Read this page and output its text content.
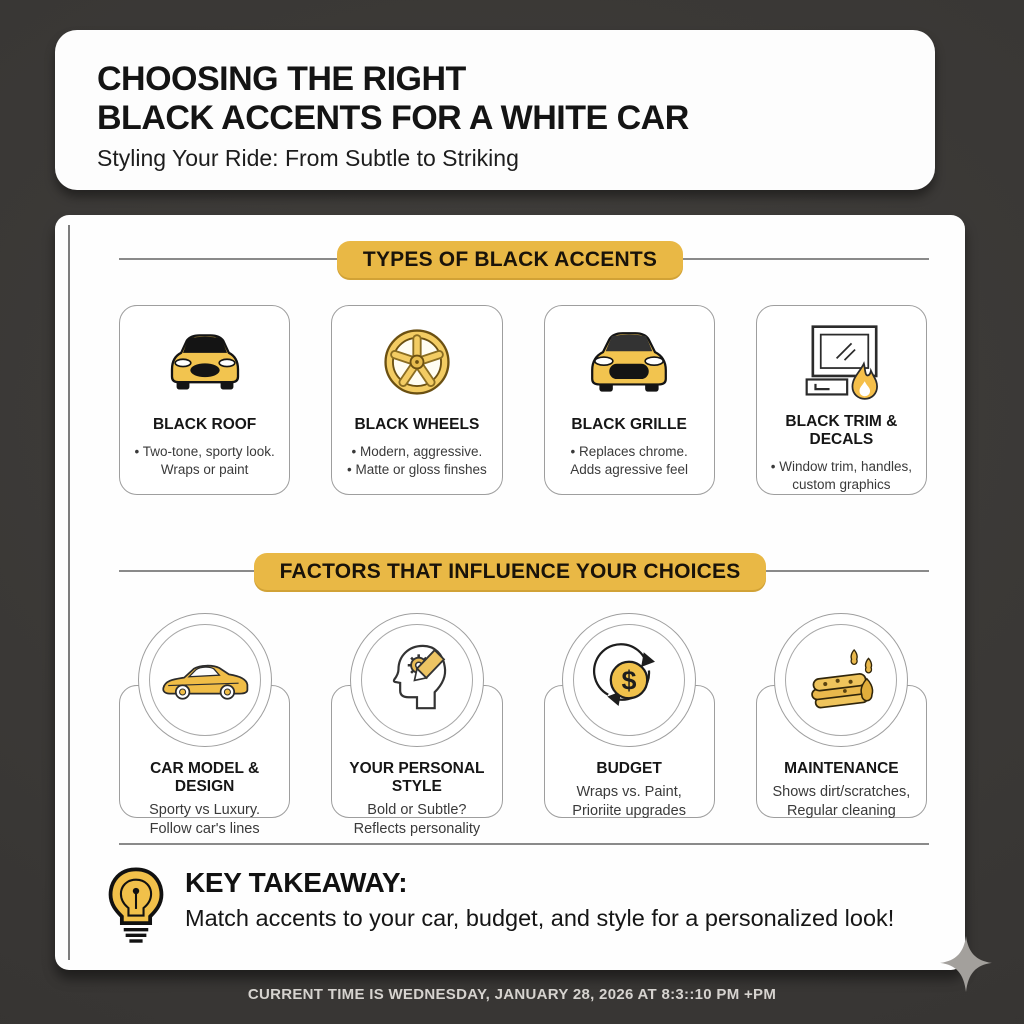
CHOOSING THE RIGHT
BLACK ACCENTS FOR A WHITE CAR
Styling Your Ride: From Subtle to Striking
TYPES OF BLACK ACCENTS
BLACK ROOF
• Two-tone, sporty look.
Wraps or paint
BLACK WHEELS
• Modern, aggressive.
• Matte or gloss finshes
BLACK GRILLE
• Replaces chrome.
Adds agressive feel
BLACK TRIM & DECALS
• Window trim, handles,
custom graphics
FACTORS THAT INFLUENCE YOUR CHOICES
CAR MODEL & DESIGN
Sporty vs Luxury.
Follow car's lines
YOUR PERSONAL STYLE
Bold or Subtle?
Reflects personality
$
BUDGET
Wraps vs. Paint,
Prioriite upgrades
MAINTENANCE
Shows dirt/scratches,
Regular cleaning
KEY TAKEAWAY:
Match accents to your car, budget, and style for a personalized look!
CURRENT TIME IS WEDNESDAY, JANUARY 28, 2026 AT 8:3::10 PM +PM
